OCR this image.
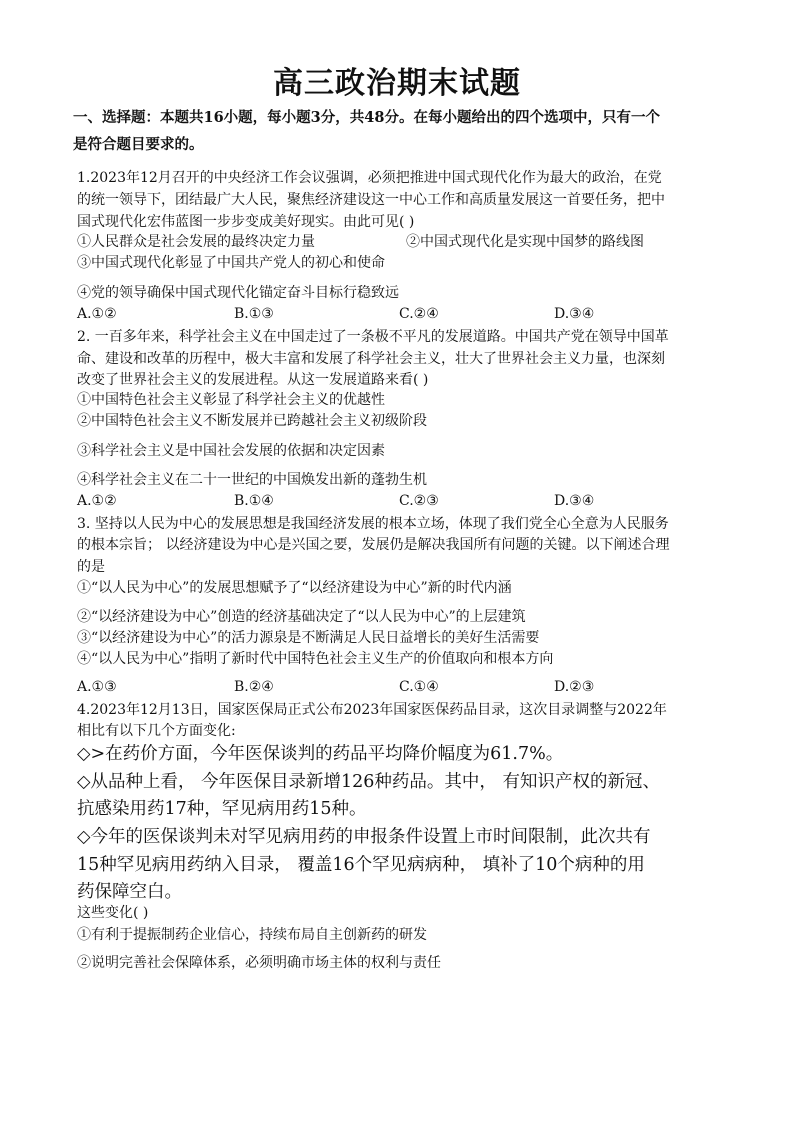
高三政治期末试题
一、选择题：本题共16小题，每小题3分，共48分。在每小题给出的四个选项中，只有一个
是符合题目要求的。
1.2023年12月召开的中央经济工作会议强调，必须把推进中国式现代化作为最大的政治，在党
的统一领导下，团结最广大人民，聚焦经济建设这一中心工作和高质量发展这一首要任务，把中
国式现代化宏伟蓝图一步步变成美好现实。由此可见( )
①人民群众是社会发展的最终决定力量	②中国式现代化是实现中国梦的路线图
③中国式现代化彰显了中国共产党人的初心和使命
④党的领导确保中国式现代化锚定奋斗目标行稳致远
A.①②	B.①③	C.②④	D.③④
2. 一百多年来，科学社会主义在中国走过了一条极不平凡的发展道路。中国共产党在领导中国革
命、建设和改革的历程中，极大丰富和发展了科学社会主义，壮大了世界社会主义力量，也深刻
改变了世界社会主义的发展进程。从这一发展道路来看( )
①中国特色社会主义彰显了科学社会主义的优越性
②中国特色社会主义不断发展并已跨越社会主义初级阶段
③科学社会主义是中国社会发展的依据和决定因素
④科学社会主义在二十一世纪的中国焕发出新的蓬勃生机
A.①②	B.①④	C.②③	D.③④
3. 坚持以人民为中心的发展思想是我国经济发展的根本立场，体现了我们党全心全意为人民服务
的根本宗旨； 以经济建设为中心是兴国之要，发展仍是解决我国所有问题的关键。以下阐述合理
的是
①“以人民为中心”的发展思想赋予了“以经济建设为中心”新的时代内涵
②“以经济建设为中心”创造的经济基础决定了“以人民为中心”的上层建筑
③“以经济建设为中心”的活力源泉是不断满足人民日益增长的美好生活需要
④“以人民为中心”指明了新时代中国特色社会主义生产的价值取向和根本方向
A.①③	B.②④	C.①④	D.②③
4.2023年12月13日，国家医保局正式公布2023年国家医保药品目录，这次目录调整与2022年
相比有以下几个方面变化:
◇>在药价方面，今年医保谈判的药品平均降价幅度为61.7%。
◇从品种上看， 今年医保目录新增126种药品。其中， 有知识产权的新冠、
抗感染用药17种，罕见病用药15种。
◇今年的医保谈判未对罕见病用药的申报条件设置上市时间限制，此次共有
15种罕见病用药纳入目录， 覆盖16个罕见病病种， 填补了10个病种的用
药保障空白。
这些变化( )
①有利于提振制药企业信心，持续布局自主创新药的研发
②说明完善社会保障体系，必须明确市场主体的权利与责任
